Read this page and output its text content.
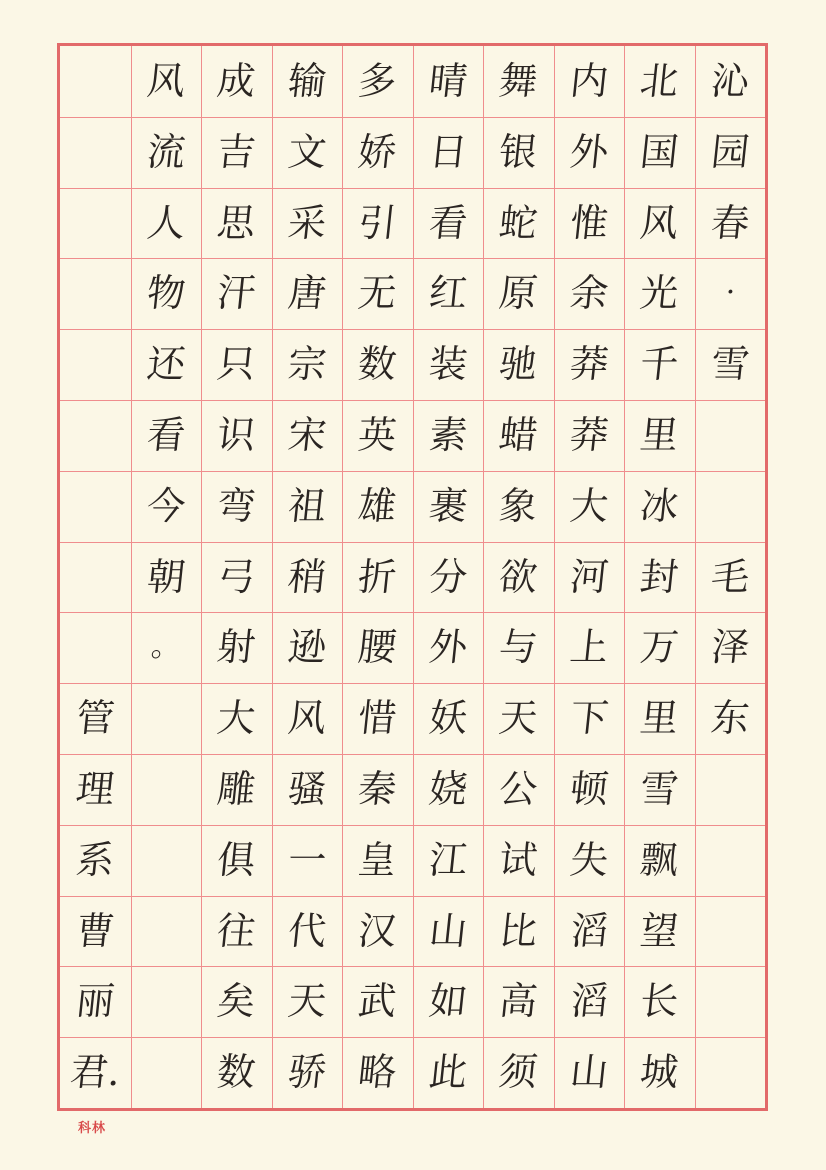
沁
园
春
·
雪
毛
泽
东
北
国
风
光
千
里
冰
封
万
里
雪
飘
望
长
城
内
外
惟
余
莽
莽
大
河
上
下
顿
失
滔
滔
山
舞
银
蛇
原
驰
蜡
象
欲
与
天
公
试
比
高
须
晴
日
看
红
装
素
裹
分
外
妖
娆
江
山
如
此
多
娇
引
无
数
英
雄
折
腰
惜
秦
皇
汉
武
略
输
文
采
唐
宗
宋
祖
稍
逊
风
骚
一
代
天
骄
成
吉
思
汗
只
识
弯
弓
射
大
雕
俱
往
矣
数
风
流
人
物
还
看
今
朝
。
管
理
系
曹
丽
君.
科林
